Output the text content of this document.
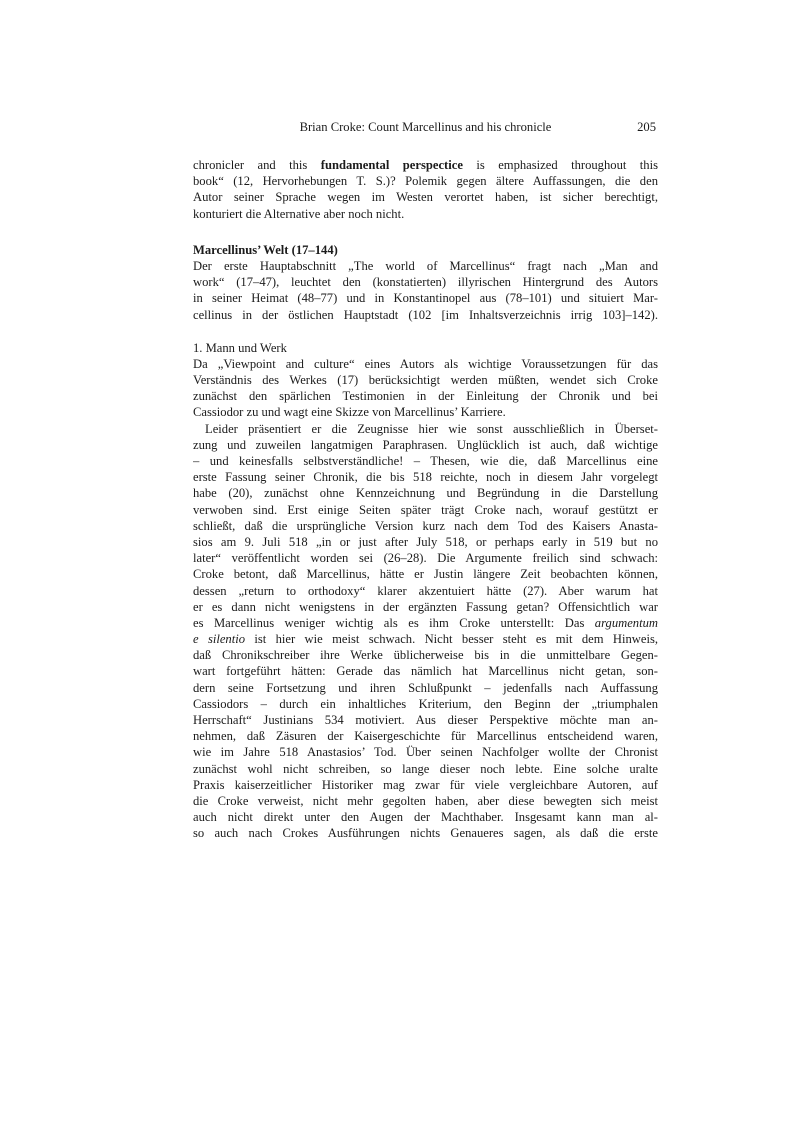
Brian Croke: Count Marcellinus and his chronicle	205
chronicler and this fundamental perspectice is emphasized throughout this
book“ (12, Hervorhebungen T. S.)? Polemik gegen ältere Auffassungen, die den
Autor seiner Sprache wegen im Westen verortet haben, ist sicher berechtigt,
konturiert die Alternative aber noch nicht.
Marcellinus’ Welt (17–144)
Der erste Hauptabschnitt „The world of Marcellinus“ fragt nach „Man and
work“ (17–47), leuchtet den (konstatierten) illyrischen Hintergrund des Autors
in seiner Heimat (48–77) und in Konstantinopel aus (78–101) und situiert Mar-
cellinus in der östlichen Hauptstadt (102 [im Inhaltsverzeichnis irrig 103]–142).
1. Mann und Werk
Da „Viewpoint and culture“ eines Autors als wichtige Voraussetzungen für das
Verständnis des Werkes (17) berücksichtigt werden müßten, wendet sich Croke
zunächst den spärlichen Testimonien in der Einleitung der Chronik und bei
Cassiodor zu und wagt eine Skizze von Marcellinus’ Karriere.
Leider präsentiert er die Zeugnisse hier wie sonst ausschließlich in Überset-
zung und zuweilen langatmigen Paraphrasen. Unglücklich ist auch, daß wichtige
– und keinesfalls selbstverständliche! – Thesen, wie die, daß Marcellinus eine
erste Fassung seiner Chronik, die bis 518 reichte, noch in diesem Jahr vorgelegt
habe (20), zunächst ohne Kennzeichnung und Begründung in die Darstellung
verwoben sind. Erst einige Seiten später trägt Croke nach, worauf gestützt er
schließt, daß die ursprüngliche Version kurz nach dem Tod des Kaisers Anasta-
sios am 9. Juli 518 „in or just after July 518, or perhaps early in 519 but no
later“ veröffentlicht worden sei (26–28). Die Argumente freilich sind schwach:
Croke betont, daß Marcellinus, hätte er Justin längere Zeit beobachten können,
dessen „return to orthodoxy“ klarer akzentuiert hätte (27). Aber warum hat
er es dann nicht wenigstens in der ergänzten Fassung getan? Offensichtlich war
es Marcellinus weniger wichtig als es ihm Croke unterstellt: Das argumentum
e silentio ist hier wie meist schwach. Nicht besser steht es mit dem Hinweis,
daß Chronikschreiber ihre Werke üblicherweise bis in die unmittelbare Gegen-
wart fortgeführt hätten: Gerade das nämlich hat Marcellinus nicht getan, son-
dern seine Fortsetzung und ihren Schlußpunkt – jedenfalls nach Auffassung
Cassiodors – durch ein inhaltliches Kriterium, den Beginn der „triumphalen
Herrschaft“ Justinians 534 motiviert. Aus dieser Perspektive möchte man an-
nehmen, daß Zäsuren der Kaisergeschichte für Marcellinus entscheidend waren,
wie im Jahre 518 Anastasios’ Tod. Über seinen Nachfolger wollte der Chronist
zunächst wohl nicht schreiben, so lange dieser noch lebte. Eine solche uralte
Praxis kaiserzeitlicher Historiker mag zwar für viele vergleichbare Autoren, auf
die Croke verweist, nicht mehr gegolten haben, aber diese bewegten sich meist
auch nicht direkt unter den Augen der Machthaber. Insgesamt kann man al-
so auch nach Crokes Ausführungen nichts Genaueres sagen, als daß die erste
